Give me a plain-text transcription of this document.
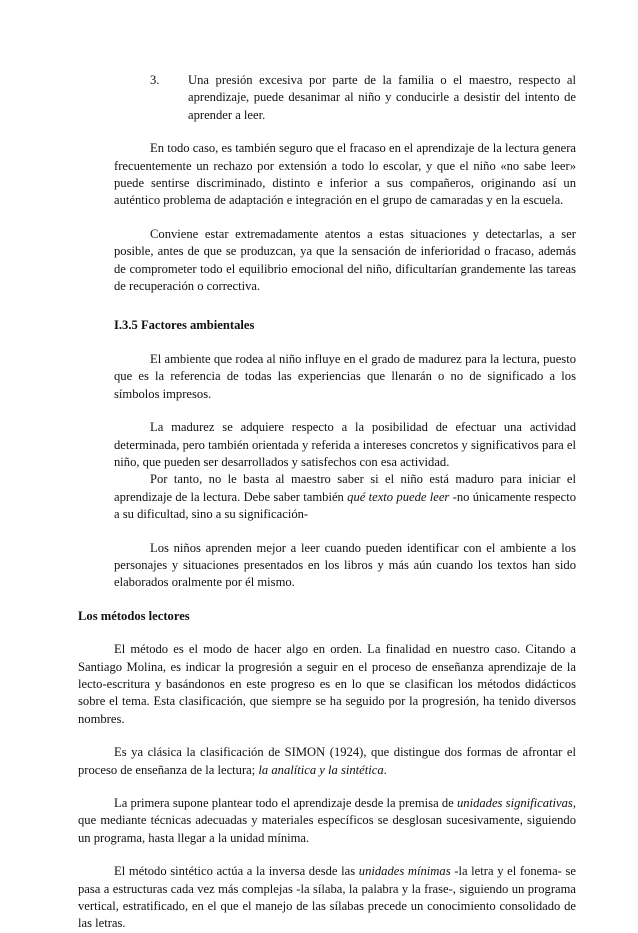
3.	Una presión excesiva por parte de la familia o el maestro, respecto al aprendizaje, puede desanimar al niño y conducirle a desistir del intento de aprender a leer.

En todo caso, es también seguro que el fracaso en el aprendizaje de la lectura genera frecuentemente un rechazo por extensión a todo lo escolar, y que el niño «no sabe leer» puede sentirse discriminado, distinto e inferior a sus compañeros, originando así un auténtico problema de adaptación e integración en el grupo de camaradas y en la escuela.

Conviene estar extremadamente atentos a estas situaciones y detectarlas, a ser posible, antes de que se produzcan, ya que la sensación de inferioridad o fracaso, además de comprometer todo el equilibrio emocional del niño, dificultarían grandemente las tareas de recuperación o correctiva.

I.3.5 Factores ambientales

El ambiente que rodea al niño influye en el grado de madurez para la lectura, puesto que es la referencia de todas las experiencias que llenarán o no de significado a los símbolos impresos.

La madurez se adquiere respecto a la posibilidad de efectuar una actividad determinada, pero también orientada y referida a intereses concretos y significativos para el niño, que pueden ser desarrollados y satisfechos con esa actividad.

Por tanto, no le basta al maestro saber si el niño está maduro para iniciar el aprendizaje de la lectura. Debe saber también qué texto puede leer -no únicamente respecto a su dificultad, sino a su significación-

Los niños aprenden mejor a leer cuando pueden identificar con el ambiente a los personajes y situaciones presentados en los libros y más aún cuando los textos han sido elaborados oralmente por él mismo.

Los métodos lectores

El método es el modo de hacer algo en orden. La finalidad en nuestro caso. Citando a Santiago Molina, es indicar la progresión a seguir en el proceso de enseñanza aprendizaje de la lecto-escritura y basándonos en este progreso es en lo que se clasifican los métodos didácticos sobre el tema. Esta clasificación, que siempre se ha seguido por la progresión, ha tenido diversos nombres.

Es ya clásica la clasificación de SIMON (1924), que distingue dos formas de afrontar el proceso de enseñanza de la lectura; la analítica y la sintética.

La primera supone plantear todo el aprendizaje desde la premisa de unidades significativas, que mediante técnicas adecuadas y materiales específicos se desglosan sucesivamente, siguiendo un programa, hasta llegar a la unidad mínima.

El método sintético actúa a la inversa desde las unidades mínimas -la letra y el fonema- se pasa a estructuras cada vez más complejas -la sílaba, la palabra y la frase-, siguiendo un programa vertical, estratificado, en el que el manejo de las sílabas precede un conocimiento consolidado de las letras.
